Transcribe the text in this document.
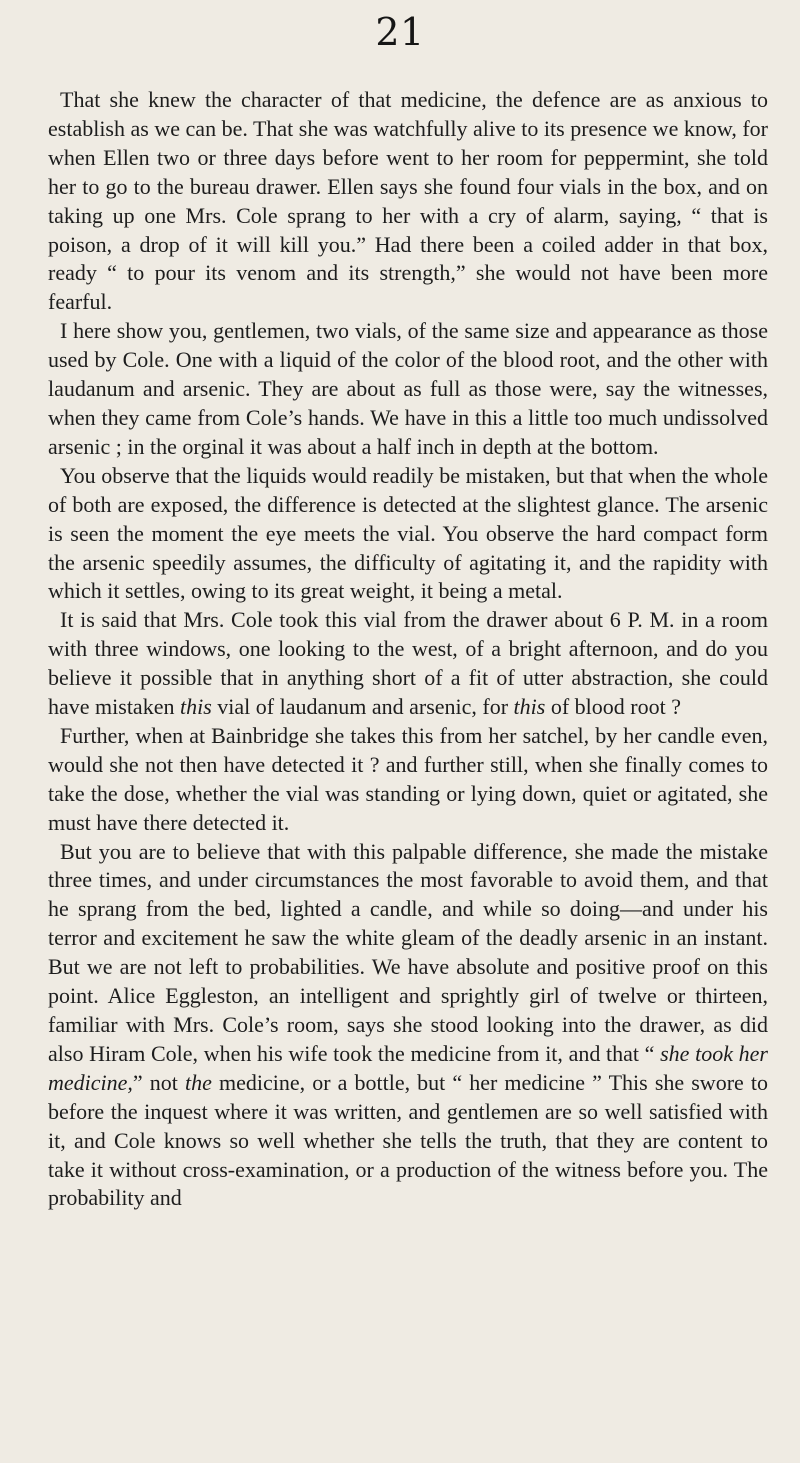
21

That she knew the character of that medicine, the defence are as anxious to establish as we can be. That she was watchfully alive to its presence we know, for when Ellen two or three days before went to her room for peppermint, she told her to go to the bureau drawer. Ellen says she found four vials in the box, and on taking up one Mrs. Cole sprang to her with a cry of alarm, saying, “ that is poison, a drop of it will kill you.” Had there been a coiled adder in that box, ready “ to pour its venom and its strength,” she would not have been more fearful.

I here show you, gentlemen, two vials, of the same size and appearance as those used by Cole. One with a liquid of the color of the blood root, and the other with laudanum and arsenic. They are about as full as those were, say the witnesses, when they came from Cole’s hands. We have in this a little too much undissolved arsenic ; in the orginal it was about a half inch in depth at the bottom.

You observe that the liquids would readily be mistaken, but that when the whole of both are exposed, the difference is detected at the slightest glance. The arsenic is seen the moment the eye meets the vial. You observe the hard compact form the arsenic speedily assumes, the difficulty of agitating it, and the rapidity with which it settles, owing to its great weight, it being a metal.

It is said that Mrs. Cole took this vial from the drawer about 6 P. M. in a room with three windows, one looking to the west, of a bright afternoon, and do you believe it possible that in anything short of a fit of utter abstraction, she could have mistaken this vial of laudanum and arsenic, for this of blood root ?

Further, when at Bainbridge she takes this from her satchel, by her candle even, would she not then have detected it ? and further still, when she finally comes to take the dose, whether the vial was standing or lying down, quiet or agitated, she must have there detected it.

But you are to believe that with this palpable difference, she made the mistake three times, and under circumstances the most favorable to avoid them, and that he sprang from the bed, lighted a candle, and while so doing—and under his terror and excitement he saw the white gleam of the deadly arsenic in an instant. But we are not left to probabilities. We have absolute and positive proof on this point. Alice Eggleston, an intelligent and sprightly girl of twelve or thirteen, familiar with Mrs. Cole’s room, says she stood looking into the drawer, as did also Hiram Cole, when his wife took the medicine from it, and that “ she took her medicine,” not the medicine, or a bottle, but “ her medicine ” This she swore to before the inquest where it was written, and gentlemen are so well satisfied with it, and Cole knows so well whether she tells the truth, that they are content to take it without cross-examination, or a production of the witness before you. The probability and
